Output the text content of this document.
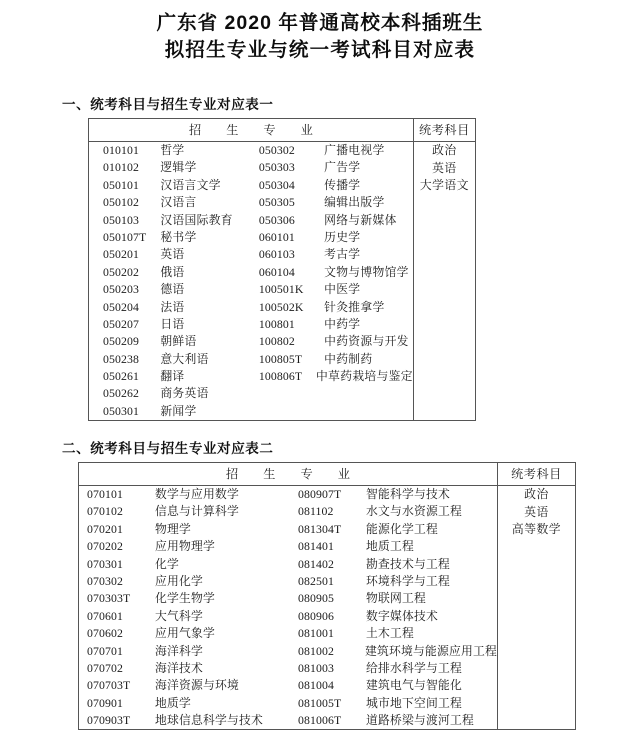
广东省 2020 年普通高校本科插班生
拟招生专业与统一考试科目对应表
一、统考科目与招生专业对应表一
招 生 专 业	统考科目

010101	哲学
010102	逻辑学
050101	汉语言文学
050102	汉语言
050103	汉语国际教育
050107T	秘书学
050201	英语
050202	俄语
050203	德语
050204	法语
050207	日语
050209	朝鲜语
050238	意大利语
050261	翻译
050262	商务英语
050301	新闻学
050302	广播电视学
050303	广告学
050304	传播学
050305	编辑出版学
050306	网络与新媒体
060101	历史学
060103	考古学
060104	文物与博物馆学
100501K	中医学
100502K	针灸推拿学
100801	中药学
100802	中药资源与开发
100805T	中药制药
100806T	中草药栽培与鉴定

政治
英语
大学语文
二、统考科目与招生专业对应表二
招 生 专 业	统考科目

070101	数学与应用数学
070102	信息与计算科学
070201	物理学
070202	应用物理学
070301	化学
070302	应用化学
070303T	化学生物学
070601	大气科学
070602	应用气象学
070701	海洋科学
070702	海洋技术
070703T	海洋资源与环境
070901	地质学
070903T	地球信息科学与技术
080907T	智能科学与技术
081102	水文与水资源工程
081304T	能源化学工程
081401	地质工程
081402	勘查技术与工程
082501	环境科学与工程
080905	物联网工程
080906	数字媒体技术
081001	土木工程
081002	建筑环境与能源应用工程
081003	给排水科学与工程
081004	建筑电气与智能化
081005T	城市地下空间工程
081006T	道路桥梁与渡河工程

政治
英语
高等数学
